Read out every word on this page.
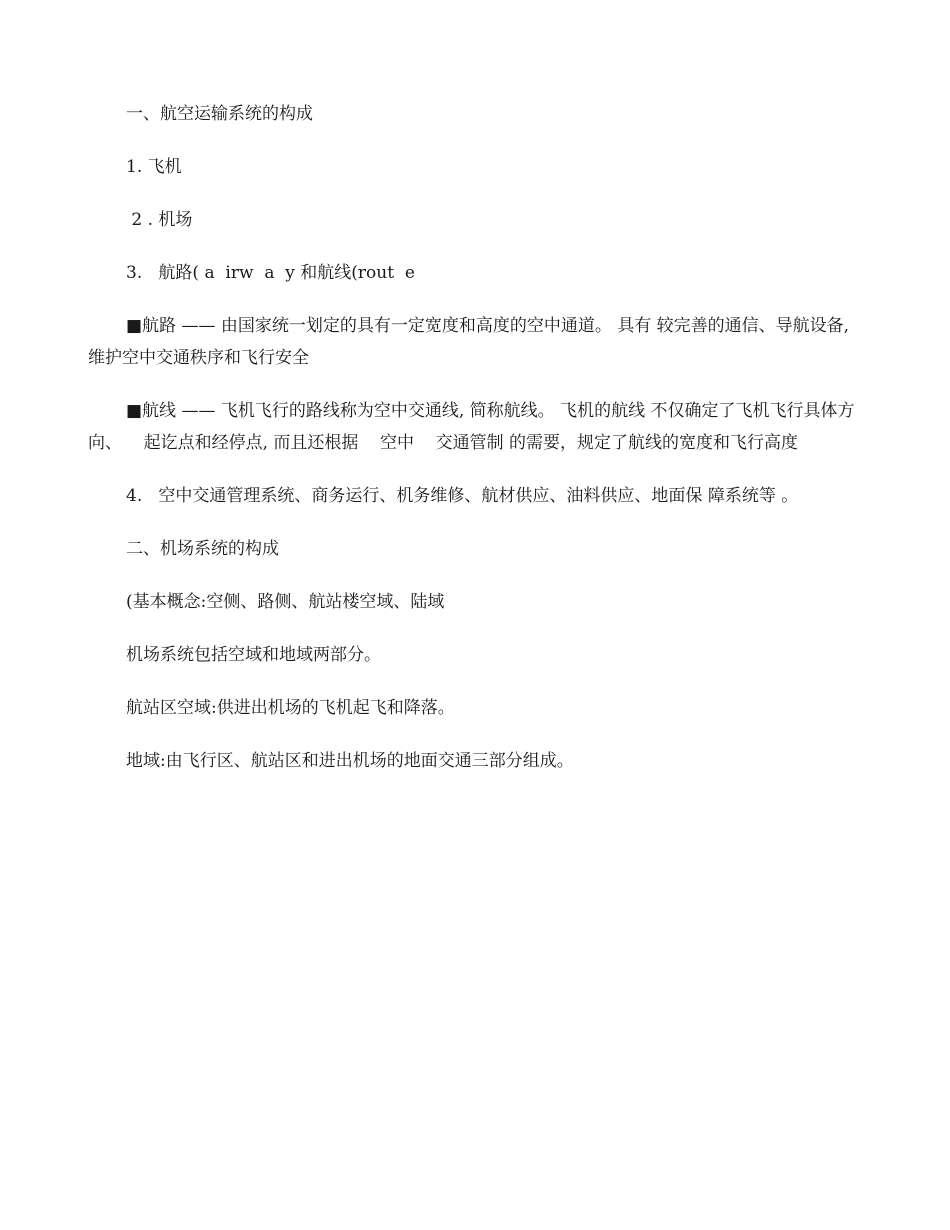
一、航空运输系统的构成

1. 飞机

2 . 机场

3.   航路( a  irw  a  y 和航线(rout  e

■航路 —— 由国家统一划定的具有一定宽度和高度的空中通道。 具有 较完善的通信、导航设备,维护空中交通秩序和飞行安全

■航线 —— 飞机飞行的路线称为空中交通线, 简称航线。 飞机的航线 不仅确定了飞机飞行具体方向、    起讫点和经停点, 而且还根据    空中    交通管制 的需要，规定了航线的宽度和飞行高度

4.   空中交通管理系统、商务运行、机务维修、航材供应、油料供应、地面保 障系统等 。

二、机场系统的构成

(基本概念:空侧、路侧、航站楼空域、陆域

机场系统包括空域和地域两部分。

航站区空域:供进出机场的飞机起飞和降落。

地域:由飞行区、航站区和进出机场的地面交通三部分组成。
